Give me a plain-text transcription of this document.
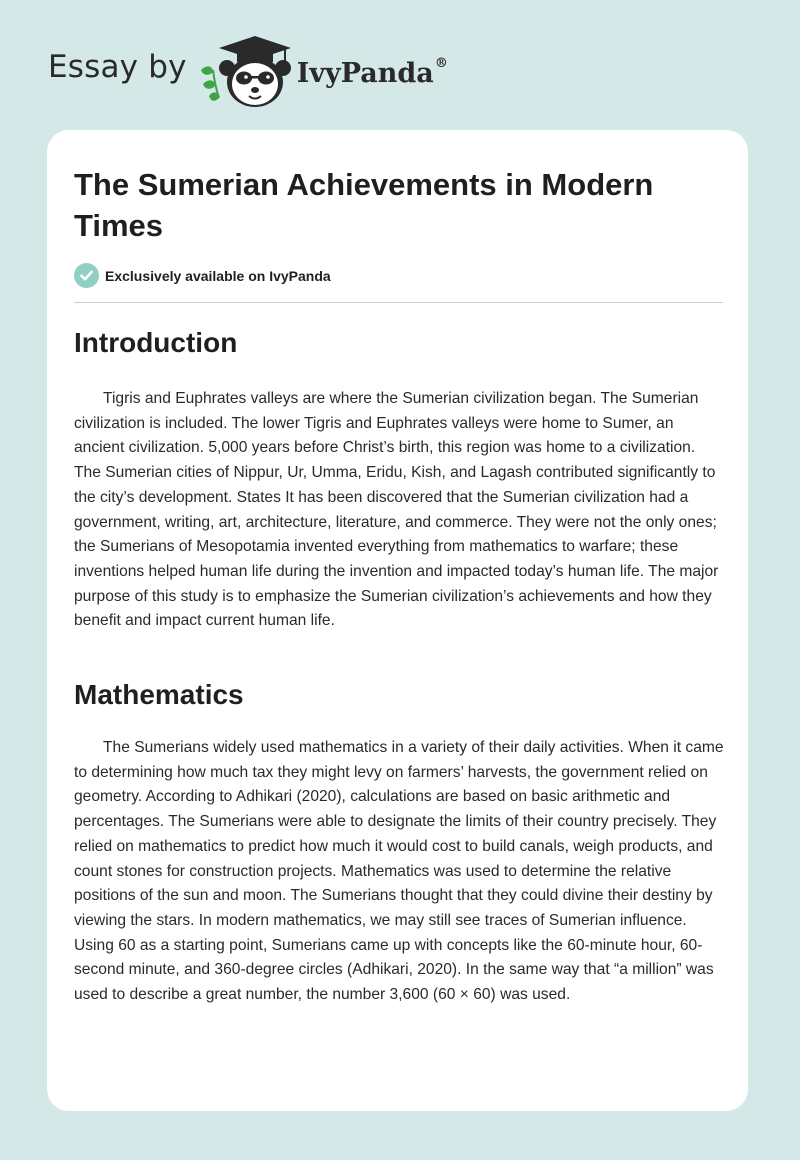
Essay by	IvyPanda®
The Sumerian Achievements in Modern Times
Exclusively available on IvyPanda
Introduction

Tigris and Euphrates valleys are where the Sumerian civilization began. The Sumerian civilization is included. The lower Tigris and Euphrates valleys were home to Sumer, an ancient civilization. 5,000 years before Christ’s birth, this region was home to a civilization. The Sumerian cities of Nippur, Ur, Umma, Eridu, Kish, and Lagash contributed significantly to the city’s development. States It has been discovered that the Sumerian civilization had a government, writing, art, architecture, literature, and commerce. They were not the only ones; the Sumerians of Mesopotamia invented everything from mathematics to warfare; these inventions helped human life during the invention and impacted today’s human life. The major purpose of this study is to emphasize the Sumerian civilization’s achievements and how they benefit and impact current human life.

Mathematics

The Sumerians widely used mathematics in a variety of their daily activities. When it came to determining how much tax they might levy on farmers’ harvests, the government relied on geometry. According to Adhikari (2020), calculations are based on basic arithmetic and percentages. The Sumerians were able to designate the limits of their country precisely. They relied on mathematics to predict how much it would cost to build canals, weigh products, and count stones for construction projects. Mathematics was used to determine the relative positions of the sun and moon. The Sumerians thought that they could divine their destiny by viewing the stars. In modern mathematics, we may still see traces of Sumerian influence. Using 60 as a starting point, Sumerians came up with concepts like the 60-minute hour, 60-second minute, and 360-degree circles (Adhikari, 2020). In the same way that “a million” was used to describe a great number, the number 3,600 (60 × 60) was used.
